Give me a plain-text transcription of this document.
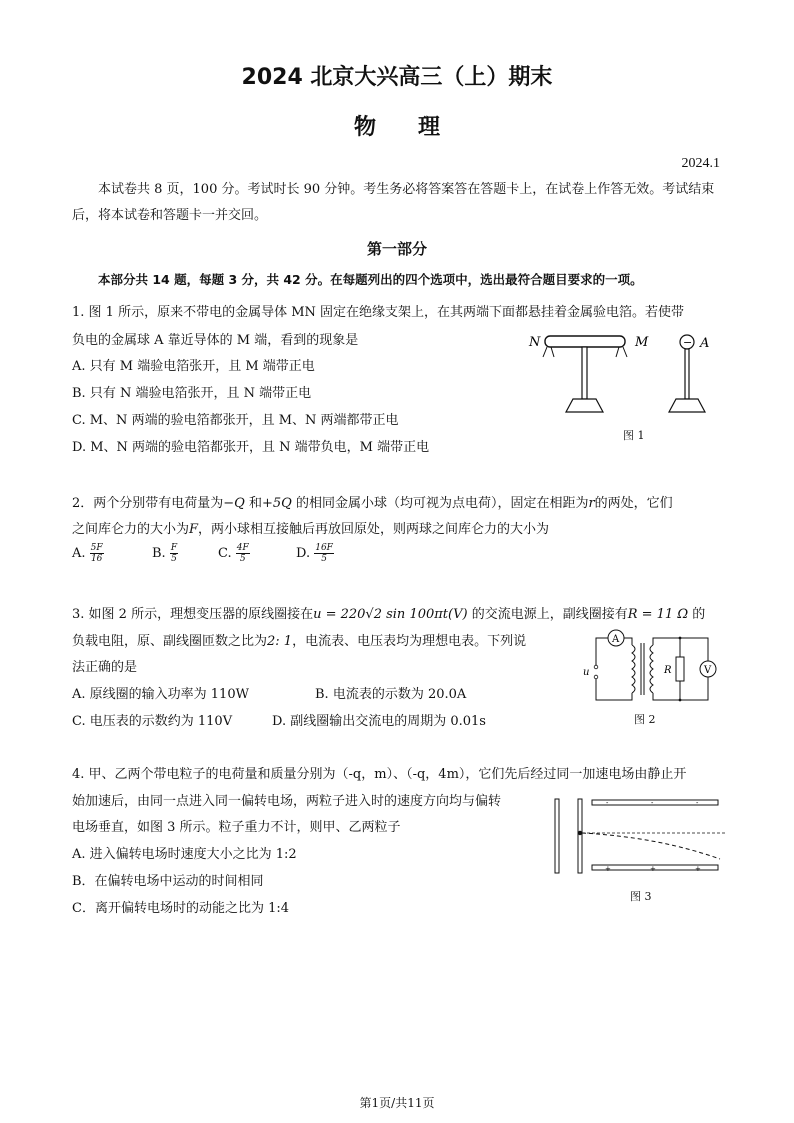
2024 北京大兴高三（上）期末
物理
2024.1
本试卷共 8 页，100 分。考试时长 90 分钟。考生务必将答案答在答题卡上，在试卷上作答无效。考试结束后，将本试卷和答题卡一并交回。
第一部分
本部分共 14 题，每题 3 分，共 42 分。在每题列出的四个选项中，选出最符合题目要求的一项。
1. 图 1 所示，原来不带电的金属导体 MN 固定在绝缘支架上，在其两端下面都悬挂着金属验电箔。若使带
负电的金属球 A 靠近导体的 M 端，看到的现象是
A. 只有 M 端验电箔张开，且 M 端带正电
B. 只有 N 端验电箔张开，且 N 端带正电
C. M、N 两端的验电箔都张开，且 M、N 两端都带正电
D. M、N 两端的验电箔都张开，且 N 端带负电，M 端带正电
N	M	− A
图 1
2．两个分别带有电荷量为−Q 和+5Q 的相同金属小球（均可视为点电荷），固定在相距为r的两处，它们
之间库仑力的大小为F，两小球相互接触后再放回原处，则两球之间库仑力的大小为
A. $\frac{5F}{16}$	B. $\frac{F}{5}$	C. $\frac{4F}{5}$	D. $\frac{16F}{5}$
3. 如图 2 所示，理想变压器的原线圈接在u = 220√2 sin 100πt(V) 的交流电源上，副线圈接有R = 11 Ω 的
负载电阻，原、副线圈匝数之比为2: 1，电流表、电压表均为理想电表。下列说
法正确的是
A. 原线圈的输入功率为 110W	B. 电流表的示数为 20.0A
C. 电压表的示数约为 110V	D. 副线圈输出交流电的周期为 0.01s
A
u	R	V
图 2
4. 甲、乙两个带电粒子的电荷量和质量分别为（-q，m）、（-q，4m），它们先后经过同一加速电场由静止开
始加速后，由同一点进入同一偏转电场，两粒子进入时的速度方向均与偏转
电场垂直，如图 3 所示。粒子重力不计，则甲、乙两粒子
A. 进入偏转电场时速度大小之比为 1:2
B．在偏转电场中运动的时间相同
C．离开偏转电场时的动能之比为 1:4
-	-	-
+	+	+
图 3
第1页/共11页
